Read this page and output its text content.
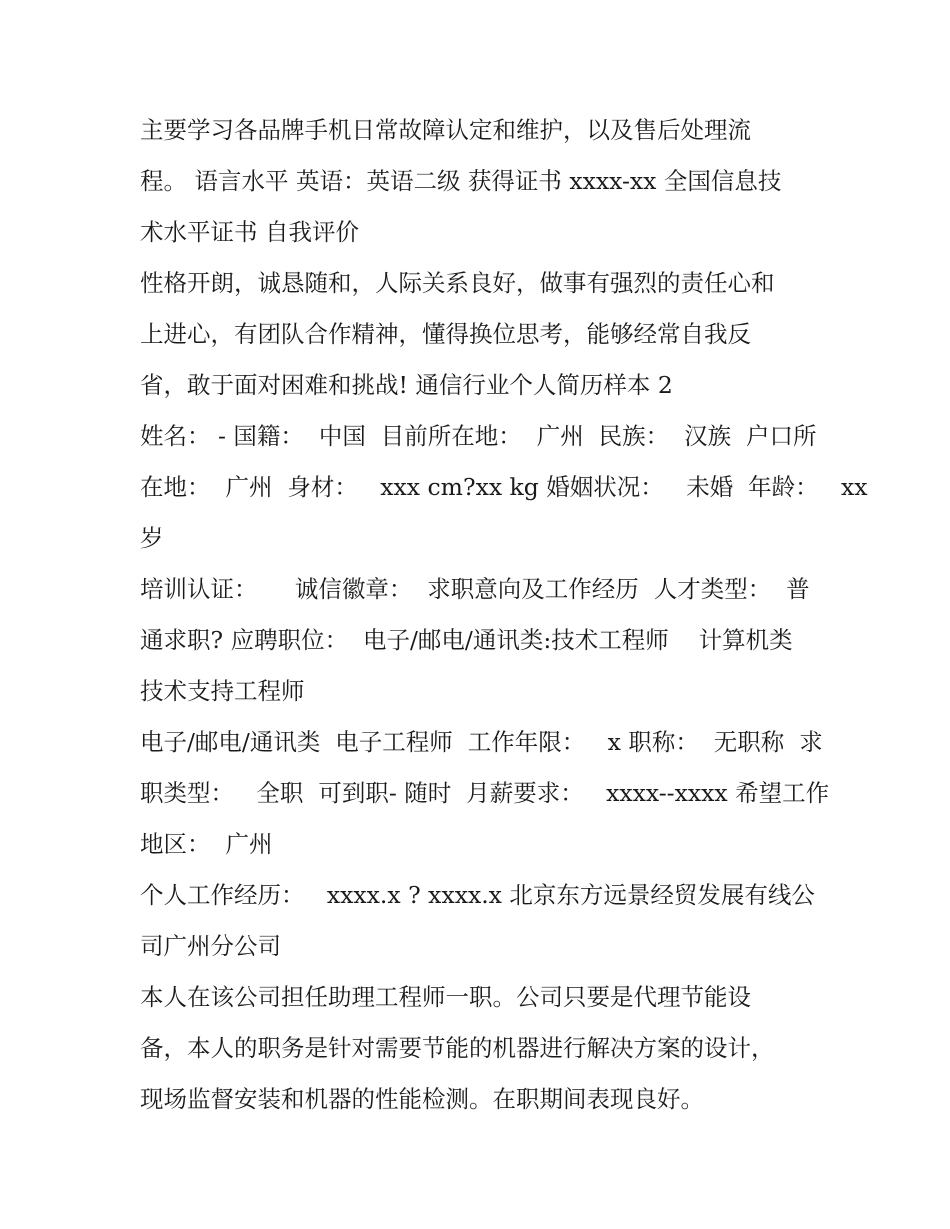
主要学习各品牌手机日常故障认定和维护，以及售后处理流
程。 语言水平 英语：英语二级 获得证书 xxxx-xx 全国信息技
术水平证书 自我评价

性格开朗，诚恳随和，人际关系良好，做事有强烈的责任心和
上进心，有团队合作精神，懂得换位思考，能够经常自我反
省，敢于面对困难和挑战! 通信行业个人简历样本 2

姓名： - 国籍：  中国  目前所在地：  广州  民族：  汉族  户口所
在地：  广州  身材：   xxx cm?xx kg 婚姻状况：   未婚  年龄：   xx
岁

培训认证：     诚信徽章：  求职意向及工作经历  人才类型：  普
通求职? 应聘职位：  电子/邮电/通讯类:技术工程师    计算机类
技术支持工程师

电子/邮电/通讯类  电子工程师  工作年限：   x 职称：  无职称  求
职类型：   全职  可到职- 随时  月薪要求：   xxxx--xxxx 希望工作
地区：  广州

个人工作经历：   xxxx.x ? xxxx.x 北京东方远景经贸发展有线公
司广州分公司

本人在该公司担任助理工程师一职。公司只要是代理节能设
备，本人的职务是针对需要节能的机器进行解决方案的设计，
现场监督安装和机器的性能检测。在职期间表现良好。
